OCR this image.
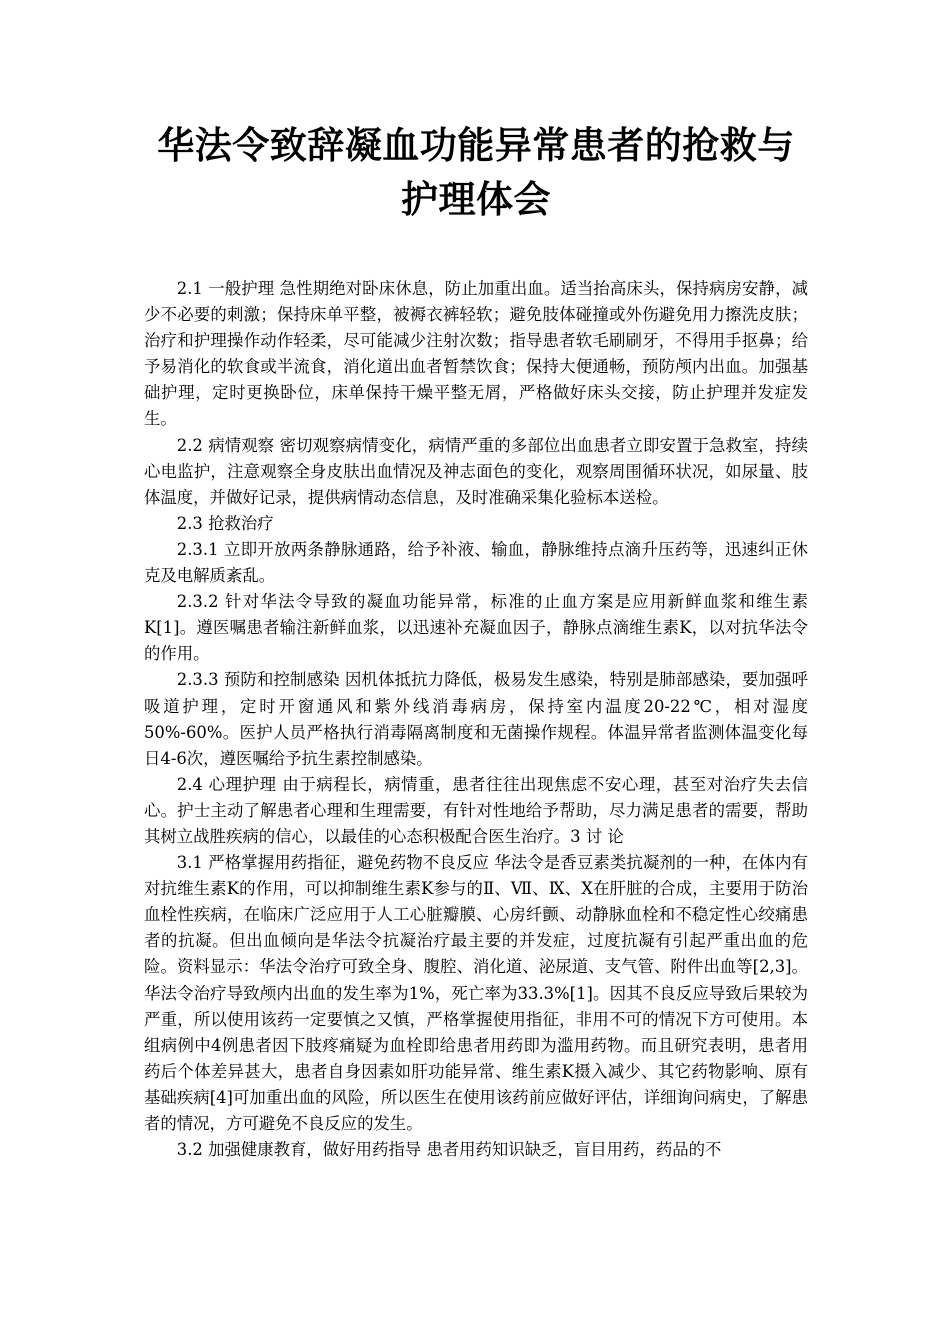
华法令致辞凝血功能异常患者的抢救与护理体会

2.1 一般护理 急性期绝对卧床休息，防止加重出血。适当抬高床头，保持病房安静，减少不必要的刺激；保持床单平整，被褥衣裤轻软；避免肢体碰撞或外伤避免用力擦洗皮肤；治疗和护理操作动作轻柔，尽可能减少注射次数；指导患者软毛刷刷牙，不得用手抠鼻；给予易消化的软食或半流食，消化道出血者暂禁饮食；保持大便通畅，预防颅内出血。加强基础护理，定时更换卧位，床单保持干燥平整无屑，严格做好床头交接，防止护理并发症发生。

2.2 病情观察 密切观察病情变化，病情严重的多部位出血患者立即安置于急救室，持续心电监护，注意观察全身皮肤出血情况及神志面色的变化，观察周围循环状况，如尿量、肢体温度，并做好记录，提供病情动态信息，及时准确采集化验标本送检。

2.3 抢救治疗

2.3.1 立即开放两条静脉通路，给予补液、输血，静脉维持点滴升压药等，迅速纠正休克及电解质紊乱。

2.3.2 针对华法令导致的凝血功能异常，标准的止血方案是应用新鲜血浆和维生素K[1]。遵医嘱患者输注新鲜血浆，以迅速补充凝血因子，静脉点滴维生素K，以对抗华法令的作用。

2.3.3 预防和控制感染 因机体抵抗力降低，极易发生感染，特别是肺部感染，要加强呼吸道护理，定时开窗通风和紫外线消毒病房，保持室内温度20-22℃，相对湿度50%-60%。医护人员严格执行消毒隔离制度和无菌操作规程。体温异常者监测体温变化每日4-6次，遵医嘱给予抗生素控制感染。

2.4 心理护理 由于病程长，病情重，患者往往出现焦虑不安心理，甚至对治疗失去信心。护士主动了解患者心理和生理需要，有针对性地给予帮助，尽力满足患者的需要，帮助其树立战胜疾病的信心，以最佳的心态积极配合医生治疗。3 讨 论

3.1 严格掌握用药指征，避免药物不良反应 华法令是香豆素类抗凝剂的一种，在体内有对抗维生素K的作用，可以抑制维生素K参与的Ⅱ、Ⅶ、Ⅸ、Ⅹ在肝脏的合成，主要用于防治血栓性疾病，在临床广泛应用于人工心脏瓣膜、心房纤颤、动静脉血栓和不稳定性心绞痛患者的抗凝。但出血倾向是华法令抗凝治疗最主要的并发症，过度抗凝有引起严重出血的危险。资料显示：华法令治疗可致全身、腹腔、消化道、泌尿道、支气管、附件出血等[2,3]。华法令治疗导致颅内出血的发生率为1%，死亡率为33.3%[1]。因其不良反应导致后果较为严重，所以使用该药一定要慎之又慎，严格掌握使用指征，非用不可的情况下方可使用。本组病例中4例患者因下肢疼痛疑为血栓即给患者用药即为滥用药物。而且研究表明，患者用药后个体差异甚大，患者自身因素如肝功能异常、维生素K摄入减少、其它药物影响、原有基础疾病[4]可加重出血的风险，所以医生在使用该药前应做好评估，详细询问病史，了解患者的情况，方可避免不良反应的发生。

3.2 加强健康教育，做好用药指导 患者用药知识缺乏，盲目用药，药品的不
